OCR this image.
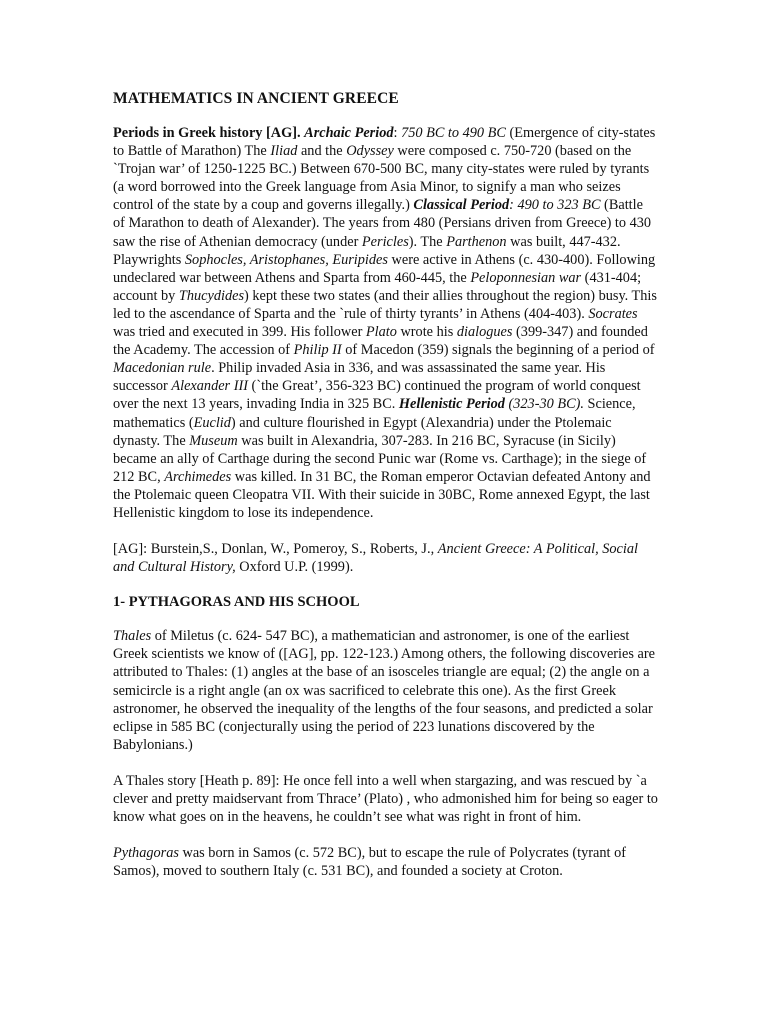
MATHEMATICS IN ANCIENT GREECE

Periods in Greek history [AG]. Archaic Period: 750 BC to 490 BC (Emergence of city-states to Battle of Marathon) The Iliad and the Odyssey were composed c. 750-720 (based on the `Trojan war’ of 1250-1225 BC.) Between 670-500 BC, many city-states were ruled by tyrants (a word borrowed into the Greek language from Asia Minor, to signify a man who seizes control of the state by a coup and governs illegally.) Classical Period: 490 to 323 BC (Battle of Marathon to death of Alexander). The years from 480 (Persians driven from Greece) to 430 saw the rise of Athenian democracy (under Pericles). The Parthenon was built, 447-432. Playwrights Sophocles, Aristophanes, Euripides were active in Athens (c. 430-400). Following undeclared war between Athens and Sparta from 460-445, the Peloponnesian war (431-404; account by Thucydides) kept these two states (and their allies throughout the region) busy. This led to the ascendance of Sparta and the `rule of thirty tyrants’ in Athens (404-403). Socrates was tried and executed in 399. His follower Plato wrote his dialogues (399-347) and founded the Academy. The accession of Philip II of Macedon (359) signals the beginning of a period of Macedonian rule. Philip invaded Asia in 336, and was assassinated the same year. His successor Alexander III (`the Great’, 356-323 BC) continued the program of world conquest over the next 13 years, invading India in 325 BC. Hellenistic Period (323-30 BC). Science, mathematics (Euclid) and culture flourished in Egypt (Alexandria) under the Ptolemaic dynasty. The Museum was built in Alexandria, 307-283. In 216 BC, Syracuse (in Sicily) became an ally of Carthage during the second Punic war (Rome vs. Carthage); in the siege of 212 BC, Archimedes was killed. In 31 BC, the Roman emperor Octavian defeated Antony and the Ptolemaic queen Cleopatra VII. With their suicide in 30BC, Rome annexed Egypt, the last Hellenistic kingdom to lose its independence.

[AG]: Burstein,S., Donlan, W., Pomeroy, S., Roberts, J., Ancient Greece: A Political, Social and Cultural History, Oxford U.P. (1999).

1- PYTHAGORAS AND HIS SCHOOL

Thales of Miletus (c. 624- 547 BC), a mathematician and astronomer, is one of the earliest Greek scientists we know of ([AG], pp. 122-123.) Among others, the following discoveries are attributed to Thales: (1) angles at the base of an isosceles triangle are equal; (2) the angle on a semicircle is a right angle (an ox was sacrificed to celebrate this one). As the first Greek astronomer, he observed the inequality of the lengths of the four seasons, and predicted a solar eclipse in 585 BC (conjecturally using the period of 223 lunations discovered by the Babylonians.)

A Thales story [Heath p. 89]: He once fell into a well when stargazing, and was rescued by `a clever and pretty maidservant from Thrace’ (Plato) , who admonished him for being so eager to know what goes on in the heavens, he couldn’t see what was right in front of him.

Pythagoras was born in Samos (c. 572 BC), but to escape the rule of Polycrates (tyrant of Samos), moved to southern Italy (c. 531 BC), and founded a society at Croton.
